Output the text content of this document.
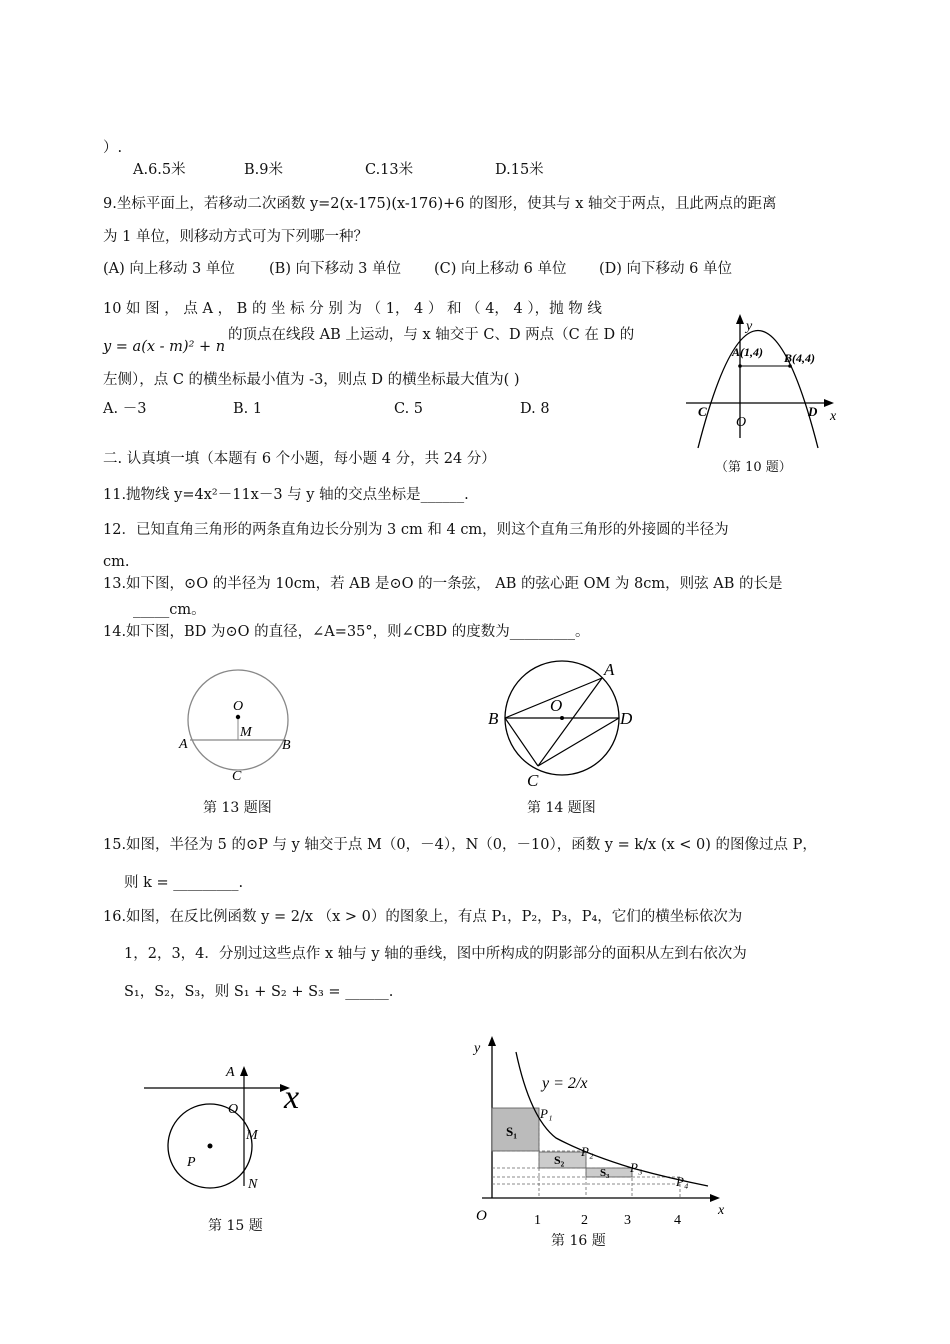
）.
A.6.5米	B.9米	C.13米	D.15米
9.坐标平面上，若移动二次函数 y=2(x-175)(x-176)+6 的图形，使其与 x 轴交于两点，且此两点的距离
为 1 单位，则移动方式可为下列哪一种？
(A) 向上移动 3 单位 (B) 向下移动 3 单位 (C) 向上移动 6 单位 (D) 向下移动 6 单位
10 如 图 ， 点 A ， B 的 坐 标 分 别 为 （ 1， 4 ） 和 （ 4， 4 ），抛 物 线
y = a(x - m)² + n
的顶点在线段 AB 上运动，与 x 轴交于 C、D 两点（C 在 D 的
左侧），点 C 的横坐标最小值为 -3，则点 D 的横坐标最大值为( )
A. －3	B. 1	C. 5	D. 8
y
x
A(1,4) B(4,4)
C	D
O
（第 10 题）
二. 认真填一填（本题有 6 个小题，每小题 4 分，共 24 分）
11.抛物线 y=4x²－11x－3 与 y 轴的交点坐标是______.
12．已知直角三角形的两条直角边长分别为 3 cm 和 4 cm，则这个直角三角形的外接圆的半径为
cm.
13.如下图，⊙O 的半径为 10cm，若 AB 是⊙O 的一条弦， AB 的弦心距 OM 为 8cm，则弦 AB 的长是
_____cm。
14.如下图，BD 为⊙O 的直径，∠A=35°，则∠CBD 的度数为_________。
O
M
A	B
C
第 13 题图
A
B	D
O
C
第 14 题图
15.如图，半径为 5 的⊙P 与 y 轴交于点 M（0，－4），N（0，－10），函数 y = k/x (x < 0) 的图像过点 P，
则 k = _________.
16.如图，在反比例函数 y = 2/x （x > 0）的图象上，有点 P₁，P₂，P₃，P₄，它们的横坐标依次为
1，2，3，4．分别过这些点作 x 轴与 y 轴的垂线，图中所构成的阴影部分的面积从左到右依次为
S₁，S₂，S₃，则 S₁ + S₂ + S₃ = ______.
A
x
O
M
P
N
第 15 题
y = 2/x
y
x
O
P₁
P₂
P₃
P₄
S₁
S₂
S₃
1	2	3	4
第 16 题
